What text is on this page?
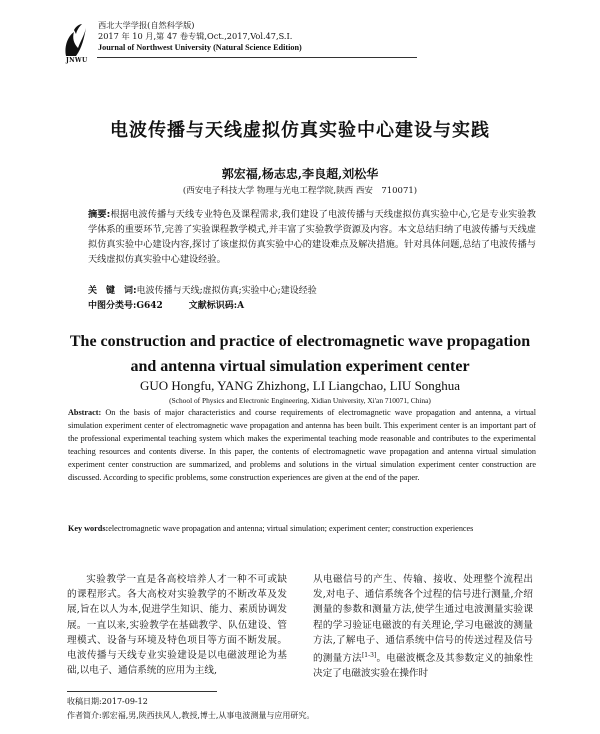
JNWU
西北大学学报(自然科学版)
2017 年 10 月,第 47 卷专辑,Oct.,2017,Vol.47,S.I.
Journal of Northwest University (Natural Science Edition)
电波传播与天线虚拟仿真实验中心建设与实践
郭宏福,杨志忠,李良超,刘松华
(西安电子科技大学 物理与光电工程学院,陕西 西安　710071)
摘要:根据电波传播与天线专业特色及课程需求,我们建设了电波传播与天线虚拟仿真实验中心,它是专业实验教学体系的重要环节,完善了实验课程教学模式,并丰富了实验教学资源及内容。本文总结归纳了电波传播与天线虚拟仿真实验中心建设内容,探讨了该虚拟仿真实验中心的建设难点及解决措施。针对具体问题,总结了电波传播与天线虚拟仿真实验中心建设经验。
关　键　词:电波传播与天线;虚拟仿真;实验中心;建设经验
中图分类号:G642	文献标识码:A
The construction and practice of electromagnetic wave propagation
and antenna virtual simulation experiment center
GUO Hongfu, YANG Zhizhong, LI Liangchao, LIU Songhua
(School of Physics and Electronic Engineering, Xidian University, Xi'an 710071, China)
Abstract: On the basis of major characteristics and course requirements of electromagnetic wave propagation and antenna, a virtual simulation experiment center of electromagnetic wave propagation and antenna has been built. This experiment center is an important part of the professional experimental teaching system which makes the experimental teaching mode reasonable and contributes to the experimental teaching resources and contents diverse. In this paper, the contents of electromagnetic wave propagation and antenna virtual simulation experiment center construction are summarized, and problems and solutions in the virtual simulation experiment center construction are discussed. According to specific problems, some construction experiences are given at the end of the paper.
Key words:electromagnetic wave propagation and antenna; virtual simulation; experiment center; construction experiences
实验教学一直是各高校培养人才一种不可或缺的课程形式。各大高校对实验教学的不断改革及发展,旨在以人为本,促进学生知识、能力、素质协调发展。一直以来,实验教学在基础教学、队伍建设、管理模式、设备与环境及特色项目等方面不断发展。电波传播与天线专业实验建设是以电磁波理论为基础,以电子、通信系统的应用为主线,
从电磁信号的产生、传输、接收、处理整个流程出发,对电子、通信系统各个过程的信号进行测量,介绍测量的参数和测量方法,使学生通过电波测量实验课程的学习验证电磁波的有关理论,学习电磁波的测量方法,了解电子、通信系统中信号的传送过程及信号的测量方法[1-3]。电磁波概念及其参数定义的抽象性决定了电磁波实验在操作时
收稿日期:2017-09-12
作者简介:郭宏福,男,陕西扶风人,教授,博士,从事电波测量与应用研究。
